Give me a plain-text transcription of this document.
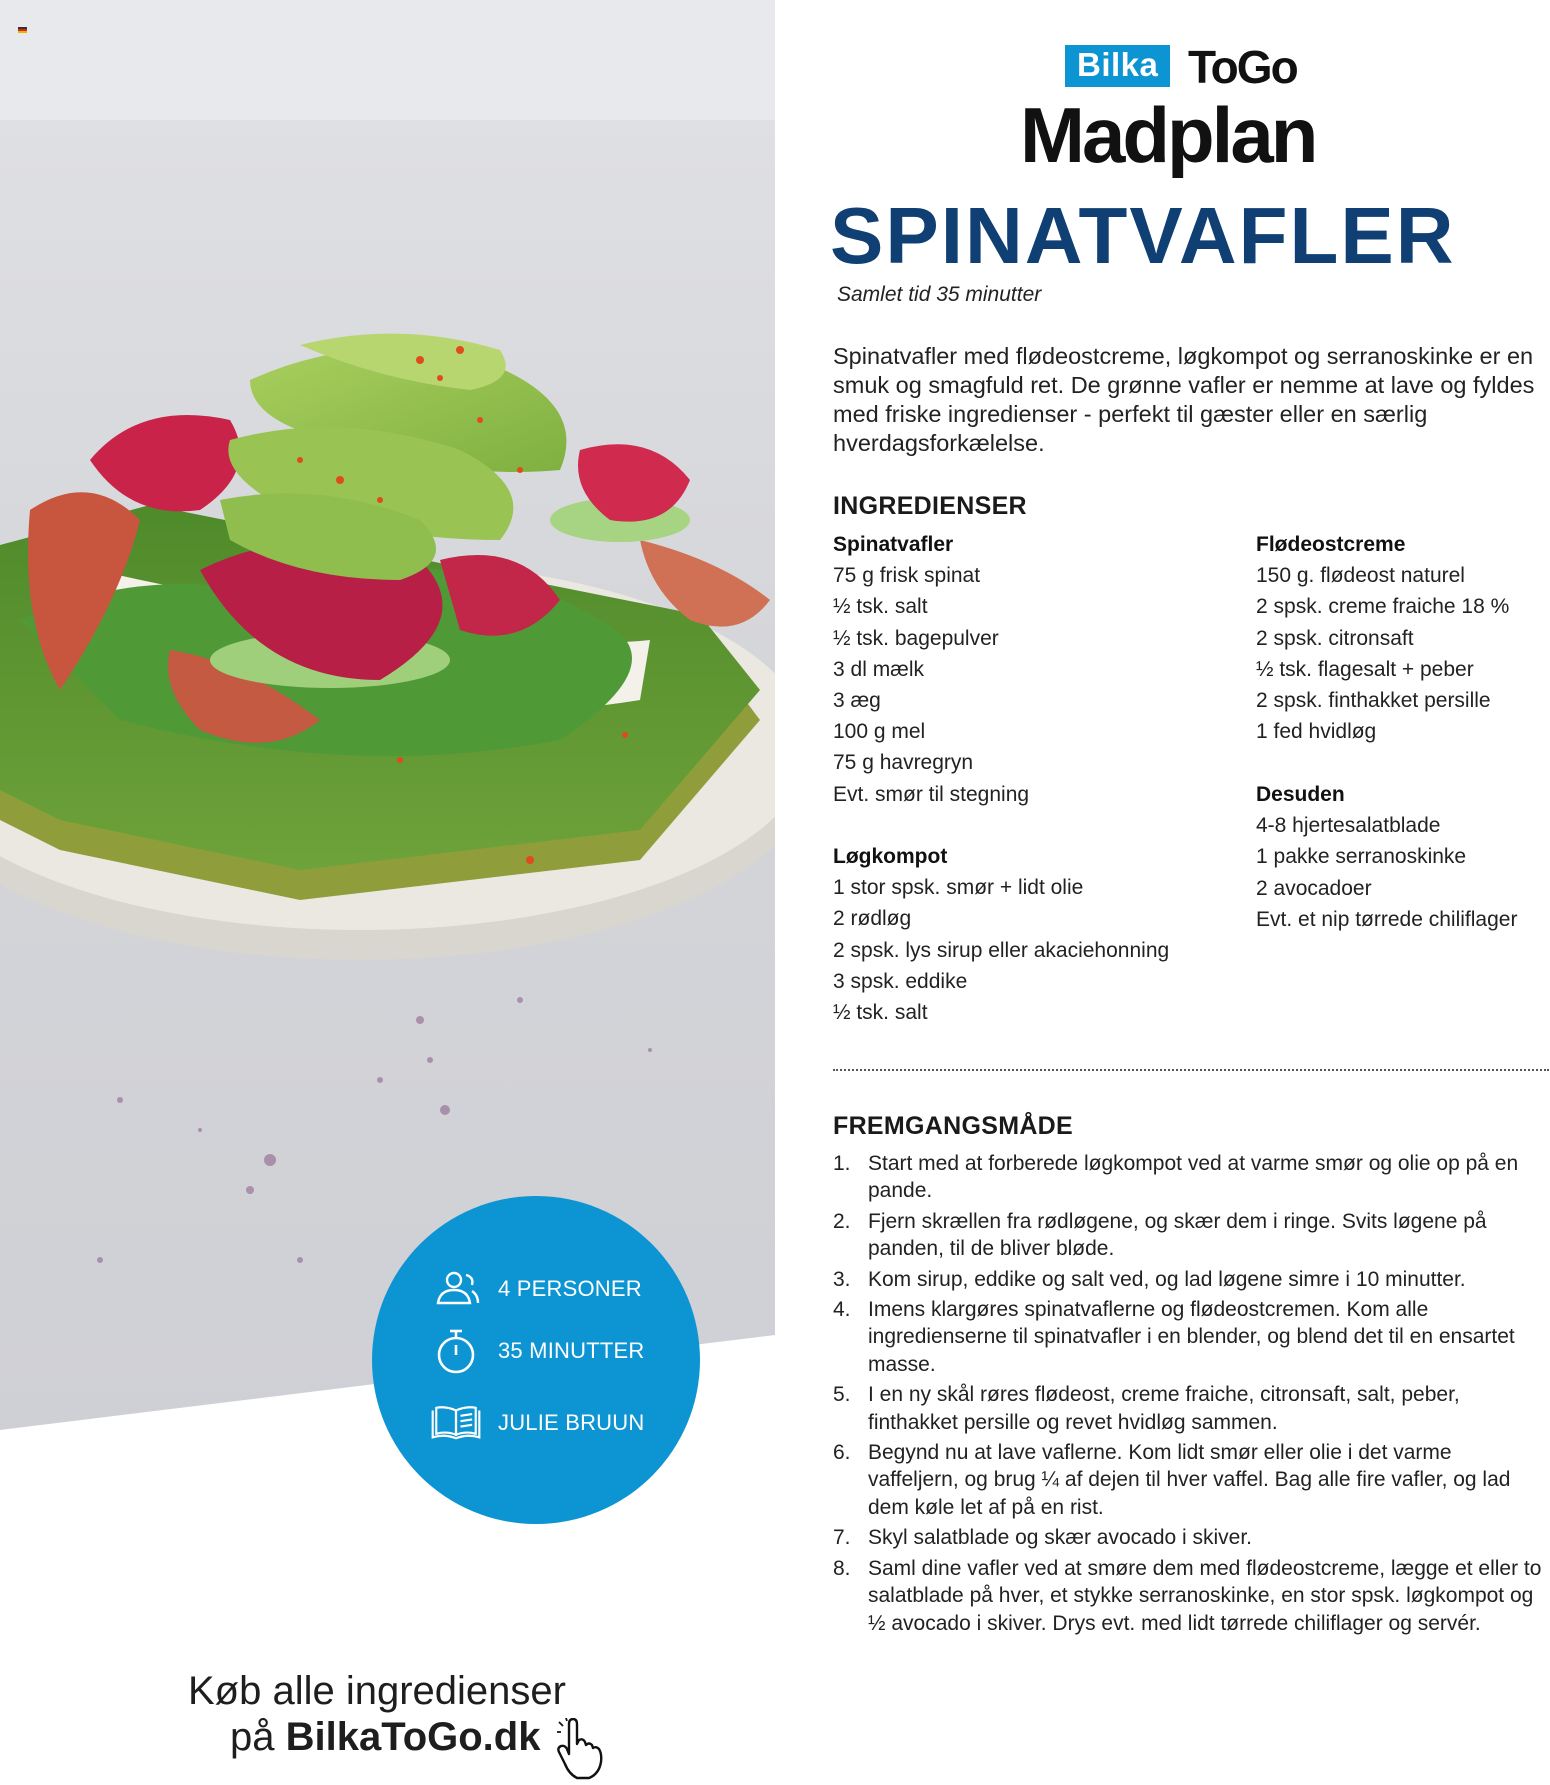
4 PERSONER
35 MINUTTER
JULIE BRUUN
Køb alle ingredienser
på BilkaToGo.dk
Bilka ToGo
Madplan
SPINATVAFLER
Samlet tid 35 minutter

Spinatvafler med flødeostcreme, løgkompot og serranoskinke er en smuk og smagfuld ret. De grønne vafler er nemme at lave og fyldes med friske ingredienser - perfekt til gæster eller en særlig hverdagsforkælelse.

INGREDIENSER
Spinatvafler
75 g frisk spinat
½ tsk. salt
½ tsk. bagepulver
3 dl mælk
3 æg
100 g mel
75 g havregryn
Evt. smør til stegning
Løgkompot
1 stor spsk. smør + lidt olie
2 rødløg
2 spsk. lys sirup eller akaciehonning
3 spsk. eddike
½ tsk. salt
Flødeostcreme
150 g. flødeost naturel
2 spsk. creme fraiche 18 %
2 spsk. citronsaft
½ tsk. flagesalt + peber
2 spsk. finthakket persille
1 fed hvidløg
Desuden
4-8 hjertesalatblade
1 pakke serranoskinke
2 avocadoer
Evt. et nip tørrede chiliflager
FREMGANGSMÅDE
1. Start med at forberede løgkompot ved at varme smør og olie op på en pande.
2. Fjern skrællen fra rødløgene, og skær dem i ringe. Svits løgene på panden, til de bliver bløde.
3. Kom sirup, eddike og salt ved, og lad løgene simre i 10 minutter.
4. Imens klargøres spinatvaflerne og flødeostcremen. Kom alle ingredienserne til spinatvafler i en blender, og blend det til en ensartet masse.
5. I en ny skål røres flødeost, creme fraiche, citronsaft, salt, peber, finthakket persille og revet hvidløg sammen.
6. Begynd nu at lave vaflerne. Kom lidt smør eller olie i det varme vaffeljern, og brug ¼ af dejen til hver vaffel. Bag alle fire vafler, og lad dem køle let af på en rist.
7. Skyl salatblade og skær avocado i skiver.
8. Saml dine vafler ved at smøre dem med flødeostcreme, lægge et eller to salatblade på hver, et stykke serranoskinke, en stor spsk. løgkompot og ½ avocado i skiver. Drys evt. med lidt tørrede chiliflager og servér.
